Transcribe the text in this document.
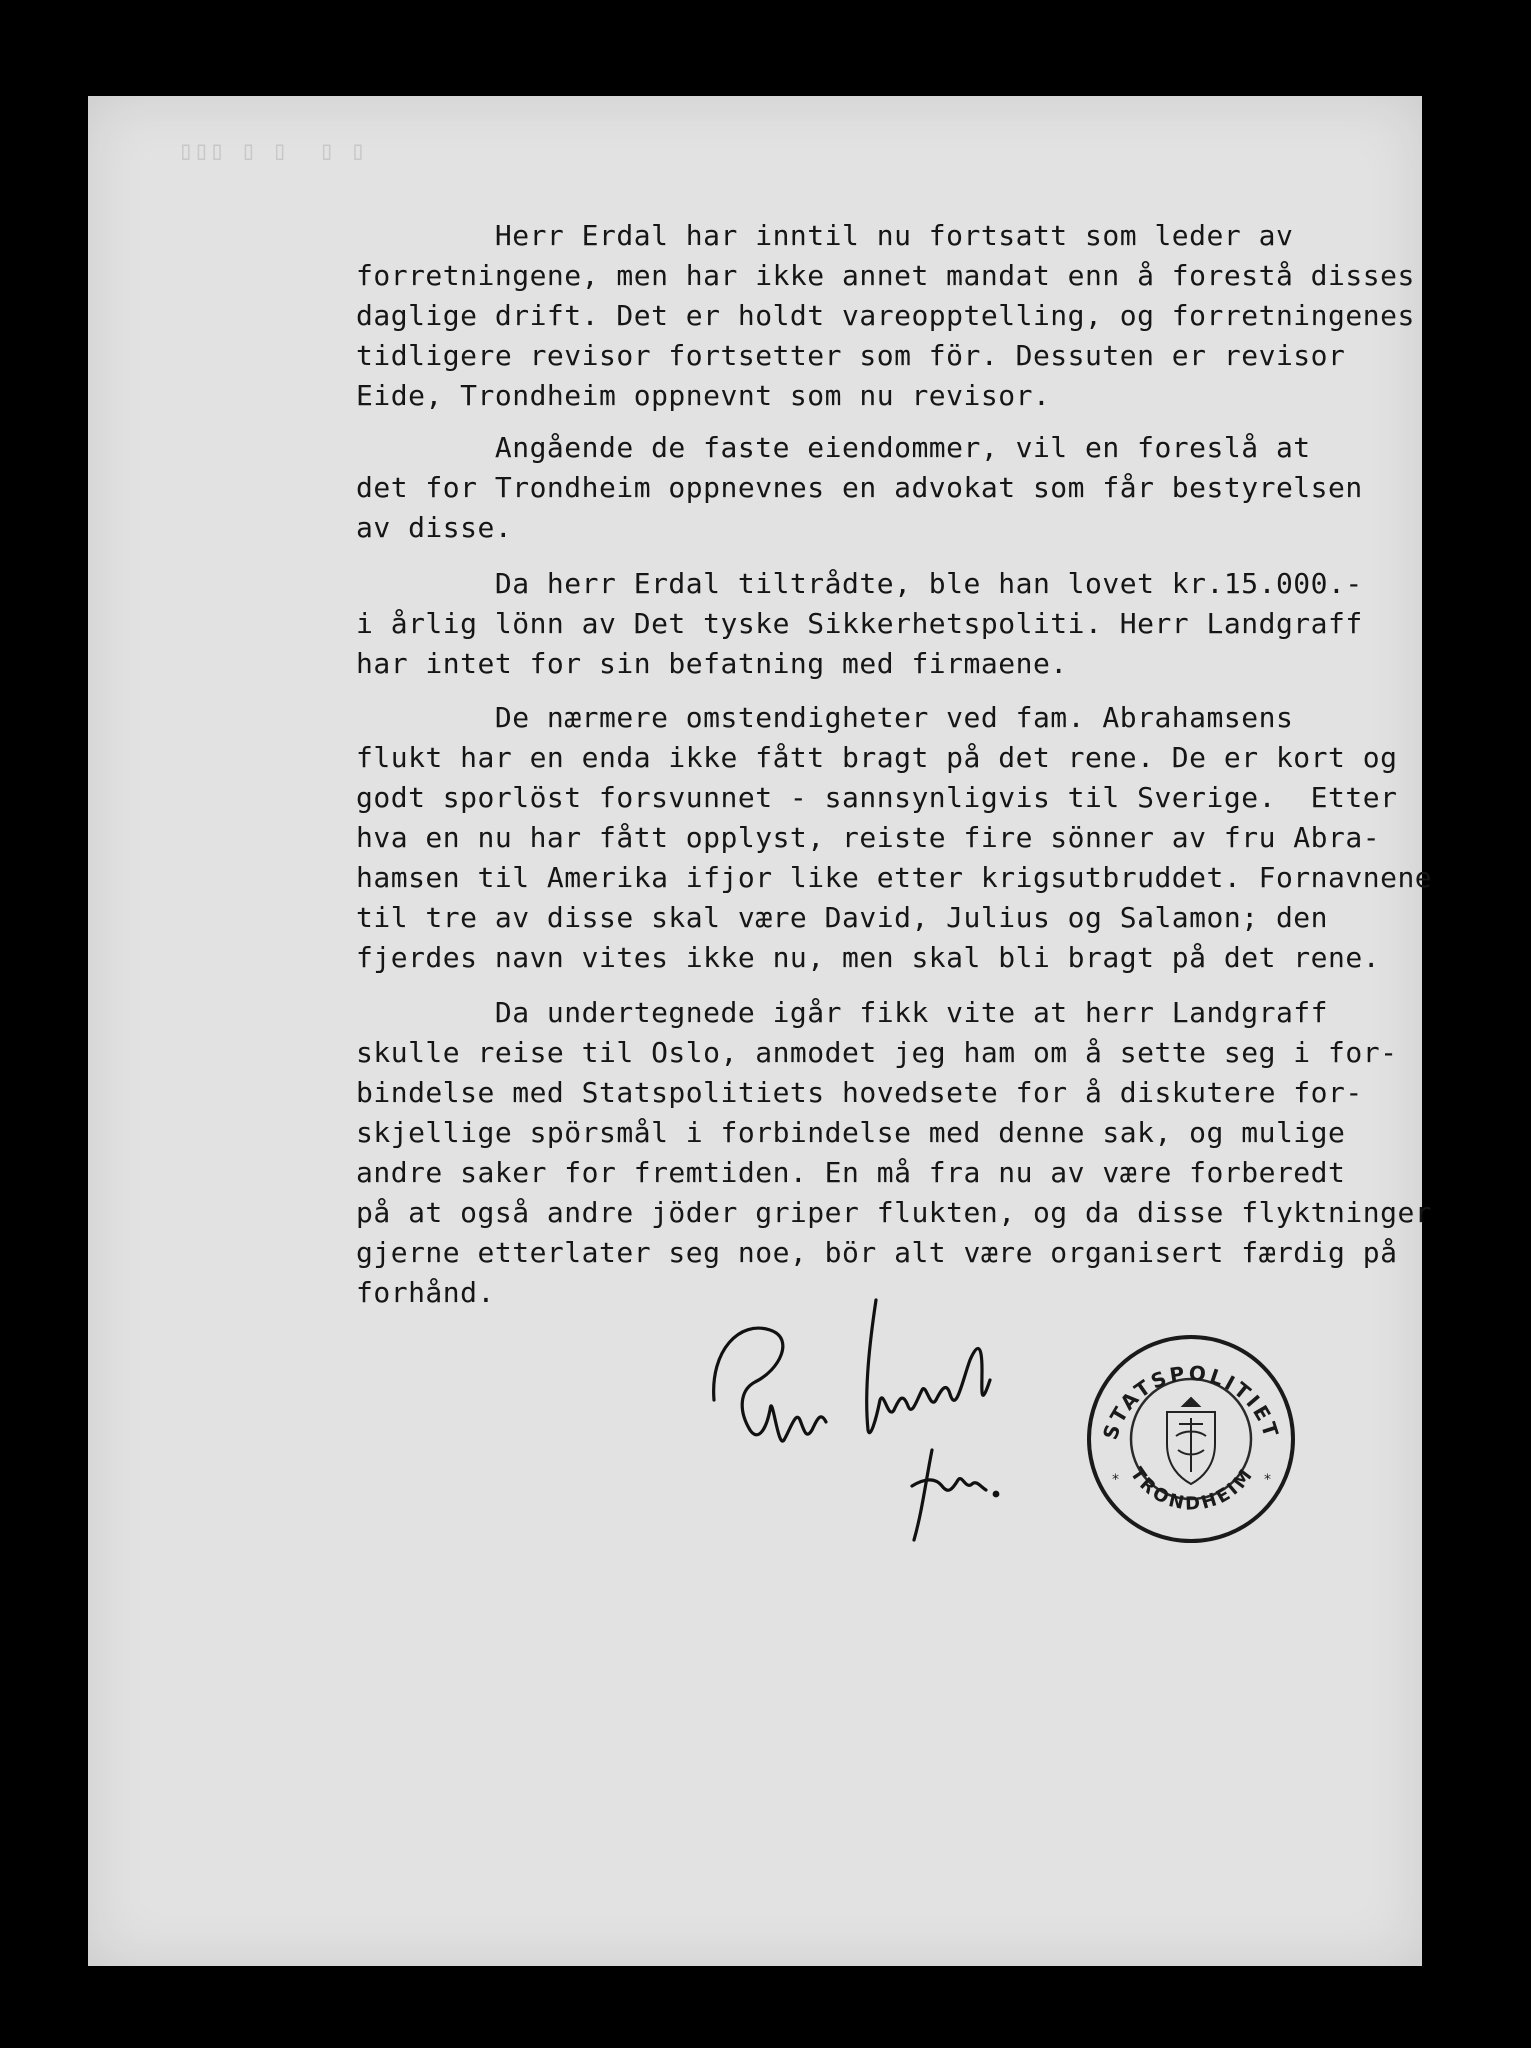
▯▯▯ ▯ ▯  ▯ ▯

Herr Erdal har inntil nu fortsatt som leder av
forretningene, men har ikke annet mandat enn å forestå disses
daglige drift. Det er holdt vareopptelling, og forretningenes
tidligere revisor fortsetter som för. Dessuten er revisor
Eide, Trondheim oppnevnt som nu revisor.

Angående de faste eiendommer, vil en foreslå at
det for Trondheim oppnevnes en advokat som får bestyrelsen
av disse.

Da herr Erdal tiltrådte, ble han lovet kr.15.000.-
i årlig lönn av Det tyske Sikkerhetspoliti. Herr Landgraff
har intet for sin befatning med firmaene.

De nærmere omstendigheter ved fam. Abrahamsens
flukt har en enda ikke fått bragt på det rene. De er kort og
godt sporlöst forsvunnet - sannsynligvis til Sverige.  Etter
hva en nu har fått opplyst, reiste fire sönner av fru Abra-
hamsen til Amerika ifjor like etter krigsutbruddet. Fornavnene
til tre av disse skal være David, Julius og Salamon; den
fjerdes navn vites ikke nu, men skal bli bragt på det rene.

Da undertegnede igår fikk vite at herr Landgraff
skulle reise til Oslo, anmodet jeg ham om å sette seg i for-
bindelse med Statspolitiets hovedsete for å diskutere for-
skjellige spörsmål i forbindelse med denne sak, og mulige
andre saker for fremtiden. En må fra nu av være forberedt
på at også andre jöder griper flukten, og da disse flyktninger
gjerne etterlater seg noe, bör alt være organisert færdig på
forhånd.

STATSPOLITIET
TRONDHEIM
*	*
